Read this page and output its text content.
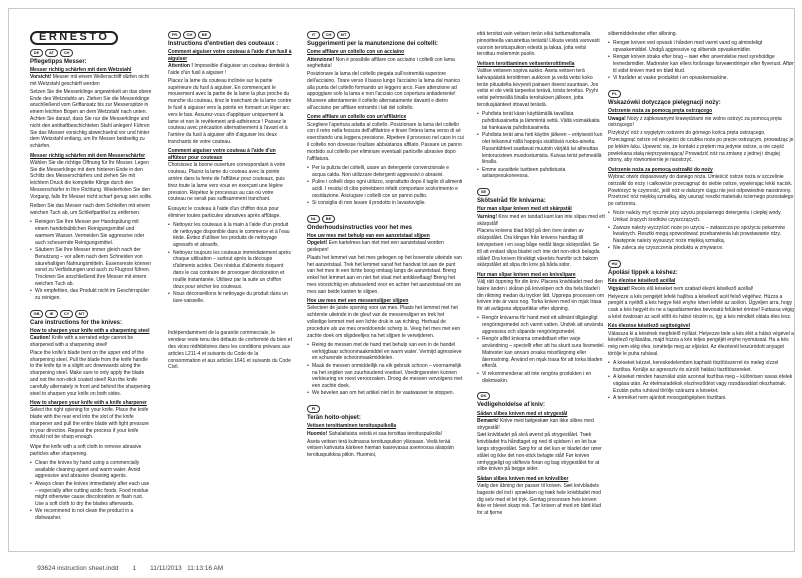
ERNESTO
DE AT CH
Pflegetipps Messer:
Messer richtig schärfen mit dem Wetzstahl

Vorsicht! Messer mit einem Wellenschliff dürfen nicht mit Wetzstahl geschärft werden

Setzen Sie die Messerklinge angewinkelt an das obere Ende des Wetzstahls an. Ziehen Sie die Messerklinge anschließend vom Griffansatz bis zur Messerspitze in einem leichten Bogen an dem Wetzstahl nach unten. Achten Sie darauf, dass Sie nur die Messerklinge und nicht den antihaftbeschichteten Stahl anlegen! Führen Sie das Messer vorsichtig abwechselnd vor und hinter dem Wetzstahl entlang, um Ihr Messer beidseitig zu schärfen.

Messer richtig schärfen mit dem Messerschärfer

Wählen Sie die richtige Öffnung für Ihr Messer. Legen Sie die Messerklinge mit dem hinteren Ende in den Schlitz des Messerschärfers und ziehen Sie mit leichtem Druck die komplette Klinge durch den Messerschärfer in Ihre Richtung. Wiederholen Sie den Vorgang, falls Ihr Messer nicht scharf genug sein sollte.

Reiben Sie das Messer nach dem Schleifen mit einem weichen Tuch ab, um Schleifpartikel zu entfernen.

• Reinigen Sie Ihre Messer per Handspülung mit einem handelsüblichen Reinigungsmittel und warmem Wasser. Vermeiden Sie aggressive oder auch scheuernde Reinigungsmittel.
• Säubern Sie Ihre Messer immer gleich nach der Benutzung – vor allem nach dem Schneiden von säurehaltigen Nahrungsmitteln. Essensreste können sonst zu Verfärbungen und auch zu Flugrost führen. Trocknen Sie anschließend Ihre Messer mit einem weichen Tuch ab.
• Wir empfehlen, das Produkt nicht im Geschirrspüler zu reinigen.
GB	IE	CY MT
Care instructions for the knives:
How to sharpen your knife with a sharpening steel

Caution! Knife with a serrated edge cannot be sharpened with a sharpening steel!

Place the knife's blade bent on the upper end of the sharpening steel. Pull the blade from the knife handle to the knife tip in a slight arc downwards along the sharpening steel. Make sure to only apply the blade and not the non-stick coated steel! Run the knife carefully alternately in front and behind the sharpening steel to sharpen your knife on both sides.

How to sharpen your knife with a knife sharpener

Select the right opening for your knife. Place the knife blade with the rear end into the slot of the knife sharpener and pull the entire blade with light pressure in your direction. Repeat the process if your knife should not be sharp enough.

Wipe the knife with a soft cloth to remove abrasive particles after sharpening.

• Clean the knives by hand using a commercially available cleaning agent and warm water. Avoid aggressive and abrasive cleaning agents.
• Always clean the knives immediately after each use – especially after cutting acidic foods. Food residue might otherwise cause discoloration or flash rust. Use a soft cloth to dry the blades afterwards.
• We recommend to not clean the product in a dishwasher.
FR CH BE
Instructions d'entretien des couteaux :
Comment aiguiser votre couteau à l'aide d'un fusil à aiguiser

Attention ! Impossible d'aiguiser un couteau dentelé à l'aide d'un fusil à aiguiser !

Placez la lame du couteau inclinée sur la partie supérieure du fusil à aiguiser. En commençant le mouvement avec la partie de la lame la plus proche du manche du couteau, tirez le tranchant de la lame contre le fusil à aiguiser vers la pointe en formant un léger arc vers le bas. Assurez-vous d'appliquer uniquement la lame et non le revêtement anti-adhérence ! Passez le couteau avec précaution alternativement à l'avant et à l'arrière du fusil à aiguiser afin d'aiguiser les deux tranchants de votre couteau.

Comment aiguiser votre couteau à l'aide d'un affûteur pour couteaux

Choisissez la bonne ouverture correspondant à votre couteau. Placez la lame du couteau avec la pointe arrière dans la fente de l'affûteur pour couteaux, puis tirez toute la lame vers vous en exerçant une légère pression. Répétez le processus au cas où votre couteau ne serait pas suffisamment tranchant.

Essuyez le couteau à l'aide d'un chiffon doux pour éliminer toutes particules abrasives après affûtage.

• Nettoyez les couteaux à la main à l'aide d'un produit de nettoyage disponible dans le commerce et à l'eau tiède. Évitez d'utiliser les produits de nettoyage agressifs et abrasifs.
• Nettoyez toujours les couteaux immédiatement après chaque utilisation – surtout après la découpe d'aliments acides. Des résidus d'aliments risquent dans le cas contraire de provoquer décoloration et rouille instantanée. Utilisez par la suite un chiffon doux pour sécher les couteaux.
• Nous déconseillons le nettoyage du produit dans un lave-vaisselle.

Indépendamment de la garantie commerciale, le vendeur reste tenu des défauts de conformité du bien et des vices rédhibitoires dans les conditions prévues aux articles L211-4 et suivants du Code de la consommation et aux articles 1641 et suivants du Code Civil.

IT	CH MT
Suggerimenti per la manutenzione dei coltelli:
Come affilare un coltello con un acciaino

Attenzione! Non è possibile affilare con acciaino i coltelli con lama seghettata!

Posizionare la lama del coltello piegata sull'estremità superiore dell'acciaino. Tirare verso il basso lungo l'acciaino la lama dal manico alla punta del coltello formando un leggero arco. Fare attenzione ad appoggiare solo la lama e non l'acciaio con copertura antiaderente! Muovere attentamente il coltello alternatamente davanti e dietro all'acciaino per affilare entrambi i lati del coltello.

Come affilare un coltello con un'affilatrice

Scegliere l'apertura adatta al coltello. Posizionare la lama del coltello con il retro nella fessura dell'affilatrice e tirare l'intera lama verso di sé esercitando una leggera pressione. Ripetere il processo nel caso in cui il coltello non dovesse risultare abbastanza affilato. Passare un panno morbido sul coltello per eliminare eventuali particelle abrasive dopo l'affilatura.

• Per la pulizia dei coltelli, usare un detergente convenzionale e acqua calda. Non utilizzare detergenti aggressivi o abrasivi.
• Pulire i coltelli dopo ogni utilizzo, soprattutto dopo il taglio di alimenti acidi. I residui di cibo potrebbero infatti comportare scolorimento e ossidazione. Asciugare i coltelli con un panno pulito.
• Si consiglia di non lavare il prodotto in lavastoviglie.
NL BE
Onderhoudsinstructies voor het mes
Hoe uw mes met behulp van een aanzetstaal slijpen

Opgelet! Een kartelmes kan niet met een aanzetstaal worden geslepen!

Plaats het lemmet van het mes gebogen op het bovenste uiteinde van het aanzetstaal. Trek het lemmet vanaf het handvat tot aan de punt van het mes in een lichte boog omlaag langs de aanzetstaal. Breng enkel het lemmet aan en niet het staal met antikleeflaag! Breng het mes voorzichtig en afwisselend voor en achter het aanzetstaal om uw mes aan beide kanten te slijpen.

Hoe uw mes met een messenslijper slijpen

Selecteer de juiste opening voor uw mes. Plaats het lemmet met het achterste uiteinde in de gleuf van de messenslijper en trek het volledige lemmet met een lichte druk in uw richting. Herhaal de procedure als uw mes onvoldoende scherp is. Veeg het mes met een zachte doek om slijpdeeltjes na het slijpen te verwijderen.

• Reinig de messen met de hand met behulp van een in de handel verkrijgbaar schoonmaakmiddel en warm water. Vermijd agressieve en schurende schoonmaakmiddelen.
• Maak de messen onmiddellijk na elk gebruik schoon – voornamelijk na het snijden van zuurhoudend voedsel. Voedingsresten kunnen verkleuring en roest veroorzaken. Droog de messen vervolgens met een zachte doek.
• We bevelen aan om het artikel niet in de vaatwasser te stoppen.
FI
Terän hoito-ohjeet:
Veitsen teroittaminen teroituspuikolla

Huomio! Sahalaitaista veistä ei saa teroittaa teroituspuikolla!

Aseta veitsen terä kulmassa teroituspuikon yläosaan. Vedä terää veitsen kahvasta kärkeen hieman kaarevassa asennossa alaspäin teroituspuikkoa pitkin. Huomioi,

että teroitat vain veitsen terän eikä tarttumattomalla pinnoitteella varustettua terästä! Liikuta veistä varovasti vuoroin teroituspuikon edestä ja takaa, jotta veitsi teroittuu molemmin puolin.

Veitsen teroittaminen veitsenteroittimella

Valitse veitseen sopiva aukko. Aseta veitsen terä kahvapäästä teroittimen aukkoon ja vedä veitsi koko terän pituudelta kevyesti painaen itseesi suuntaan. Jos veitsi ei ole vielä tarpeeksi terävä, toista teroitus. Pyyhi veitsi pehmeällä liinalla teroituksen jälkeen, jotta teroitusjäänteet irtoavat terästä.

• Puhdista terät käsin käyttämällä tavallista puhdistusainetta ja lämmintä vettä. Vältä voimakkaita tai hankaavia puhdistusaineita.
• Puhdista terät aina heti käytön jälkeen – erityisesti kun olet leikannut niillä happoja sisältäviä ruoka-aineita. Ruoantähteet saattavat muutoin värjätä tai aiheuttaa lentoruosteen muodostumista. Kuivaa terät pehmeällä liinalla.
• Emme suosittele tuotteen puhdistusta astianpesukoneessa.
SE
Skötselråd för knivarna:
Hur man slipar kniven med ett skärpstål

Varning! Kniv med en tandad kant kan inte slipas med ett skärpstål!

Placera knivens blad böjd på den övre änden av skärpstålet. Dra klingan från knivens handtag till knivspetsen i en svag båge nedåt längs skärpstålet. Se till att endast slipa bladet och inte det non-stick belagda stålet! Dra kniven försiktigt växelvis framför och bakom skärpstålet att slipa din kniv på båda sidor.

Hur man slipar kniven med en knivslipare

Välj rätt öppning för din kniv. Placera knivbladet med den bakre änden i skåran på knivslipen och dra hela bladet i din riktning medan du trycker lätt. Upprepa processen om kniven inte är vass nog. Torka kniven med en mjuk trasa för att avlägsna slippartiklar efter slipning.

• Rengör knivarna för hand med ett allmänt tillgängligt rengöringsmedel och varmt vatten. Undvik att använda aggressiva och slipande rengöringsmedel.
• Rengör alltid knivarna omedelbart efter varje användning – speciellt efter att ha skurit sura livsmedel. Matrester kan annars orsaka missfärgning eller återrostning. Använd en mjuk trasa för att torka bladen efteråt.
• Vi rekommenderar att inte rengöra produkten i en diskmaskin.
DK
Vedligeholdelse af kniv:
Sådan slibes kniven med et strygestål

Bemærk! Knive med bølgeskær kan ikke slibes med strygestål!

Sæt knivbladet på skrå øverst på strygestålet. Træk knivbladet fra håndtaget og ned til spidsen i en let bue langs strygestålet. Sørg for at det kun er bladet der rører stålet og ikke det non-stick belagte stål! Før kniven omhyggeligt og skiftevis foran og bag strygestålet for at slibe kniven på begge sider.

Sådan slibes kniven med en knivsliber

Vælg den åbning der passer til kniven. Sæt knivbladets bageste del ind i sprækken og træk hele knivbladet mod dig selv med et let tryk. Gentag processen hvis kniven ikke er blevet skarp nok. Tør kniven af med en blød klud for at fjerne

slibemiddelrester efter slibning.

• Rengør kniven ved opvask i hånden med varmt vand og almindeligt opvaskemiddel. Undgå aggressive og slibende opvaskemidler.
• Rengør kniven straks efter brug – især efter anvendelse med syreholdige levnedsmidler. Madrester kan ellers forårsage farveændringer eller flyverust. Aftør til sidst kniven med en blød klud.
• Vi fraråder at vaske produktet i en opvaskemaskine.
PL
Wskazówki dotyczące pielęgnacji noży:
Ostrzenie noża za pomocą pręta ostrzącego

Uwaga! Noży z ząbkowanymi krawędziami nie wolno ostrzyć za pomocą pręta ostrzącego!

Przyłożyć nóż z wygiętym ostrzem do górnego końca pręta ostrzącego. Przeciągnąć ostrze od rękojeści do czubka noża po pręcie ostrzącym, prowadząc je po lekkim łuku. Upewnić się, że kontakt z prętem ma jedynie ostrze, a nie część powlekana stalą nieprzywierającą! Prowadzić nóż na zmianę z jednej i drugiej strony, aby równomiernie je naostrzyć.

Ostrzenie noża za pomocą ostrzałki do noży

Wybrać otwór dopasowany do danego noża. Umieścić ostrze noża w szczelinie ostrzałki do noży i całkowicie przeciągnąć do siebie ostrze, wywierając lekki nacisk. Powtórzyć tę czynność, jeśli nóż w dalszym ciągu nie jest odpowiednio naostrzony. Przetrzeć nóż miękką szmatką, aby usunąć resztki materiału ściernego pozostałego po ostrzeniu.

• Noże należy myć ręcznie przy użyciu popularnego detergentu i ciepłej wody. Unikać żrących środków czyszczących.
• Zawsze należy wyczyścić noże po użyciu – zwłaszcza po spożyciu pokarmów kwaśnych. Resztki mogą spowodować przebarwienia lub powstawanie rdzy. Następnie należy wysuszyć noże miękką szmatką.
• Nie zaleca się czyszczenia produktu w zmywarce.
HU
Ápolási tippek a késhez:
Kés élezése késélező acéllal

Vigyázat! Recés élű késeket nem szabad élezni késélező acéllal!

Helyezze a kés pengéjét lefelé hajlítva a késélező acél felső végéhez. Húzza a pengét a nyéltől a kés hegye felé enyhe ívben lefelé az acélon. Ügyeljen arra, hogy csak a kés hegyét és ne a tapadásmentes bevonatú felületet érintse! Futtassa végig a kést óvatosan az acél előtt és hátsó részén is, így a kés mindkét oldala éles lesz.

Kés élezése késélező segítségével

Válassza ki a késének megfelelő nyílást. Helyezze bele a kés élét a hátsó végével a késélező nyílásába, majd húzza a kés teljes pengéjét enyhe nyomással. Ha a kés még nem elég éles, ismételje meg az eljárást. Az élezésnél leszúródott anyagot törölje le puha ruhával.

• A késeket kézzel, kereskedelemben kapható tisztítószerrel és meleg vízzel tisztítsa. Kerülje az agresszív és súroló hatású tisztítószereket.
• A késeket minden használat után azonnal tisztítsa meg – különösen savas ételek vágása után. Az ételmaradékok elszíneződést vagy rozsdásodást okozhatnak. Ezután puha ruhával törölje szárazra a késeket.
• A terméket nem ajánlott mosogatógépben tisztítani.

93624 instruction sheet.indd 1 11/11/2013   11:13:16 AM
